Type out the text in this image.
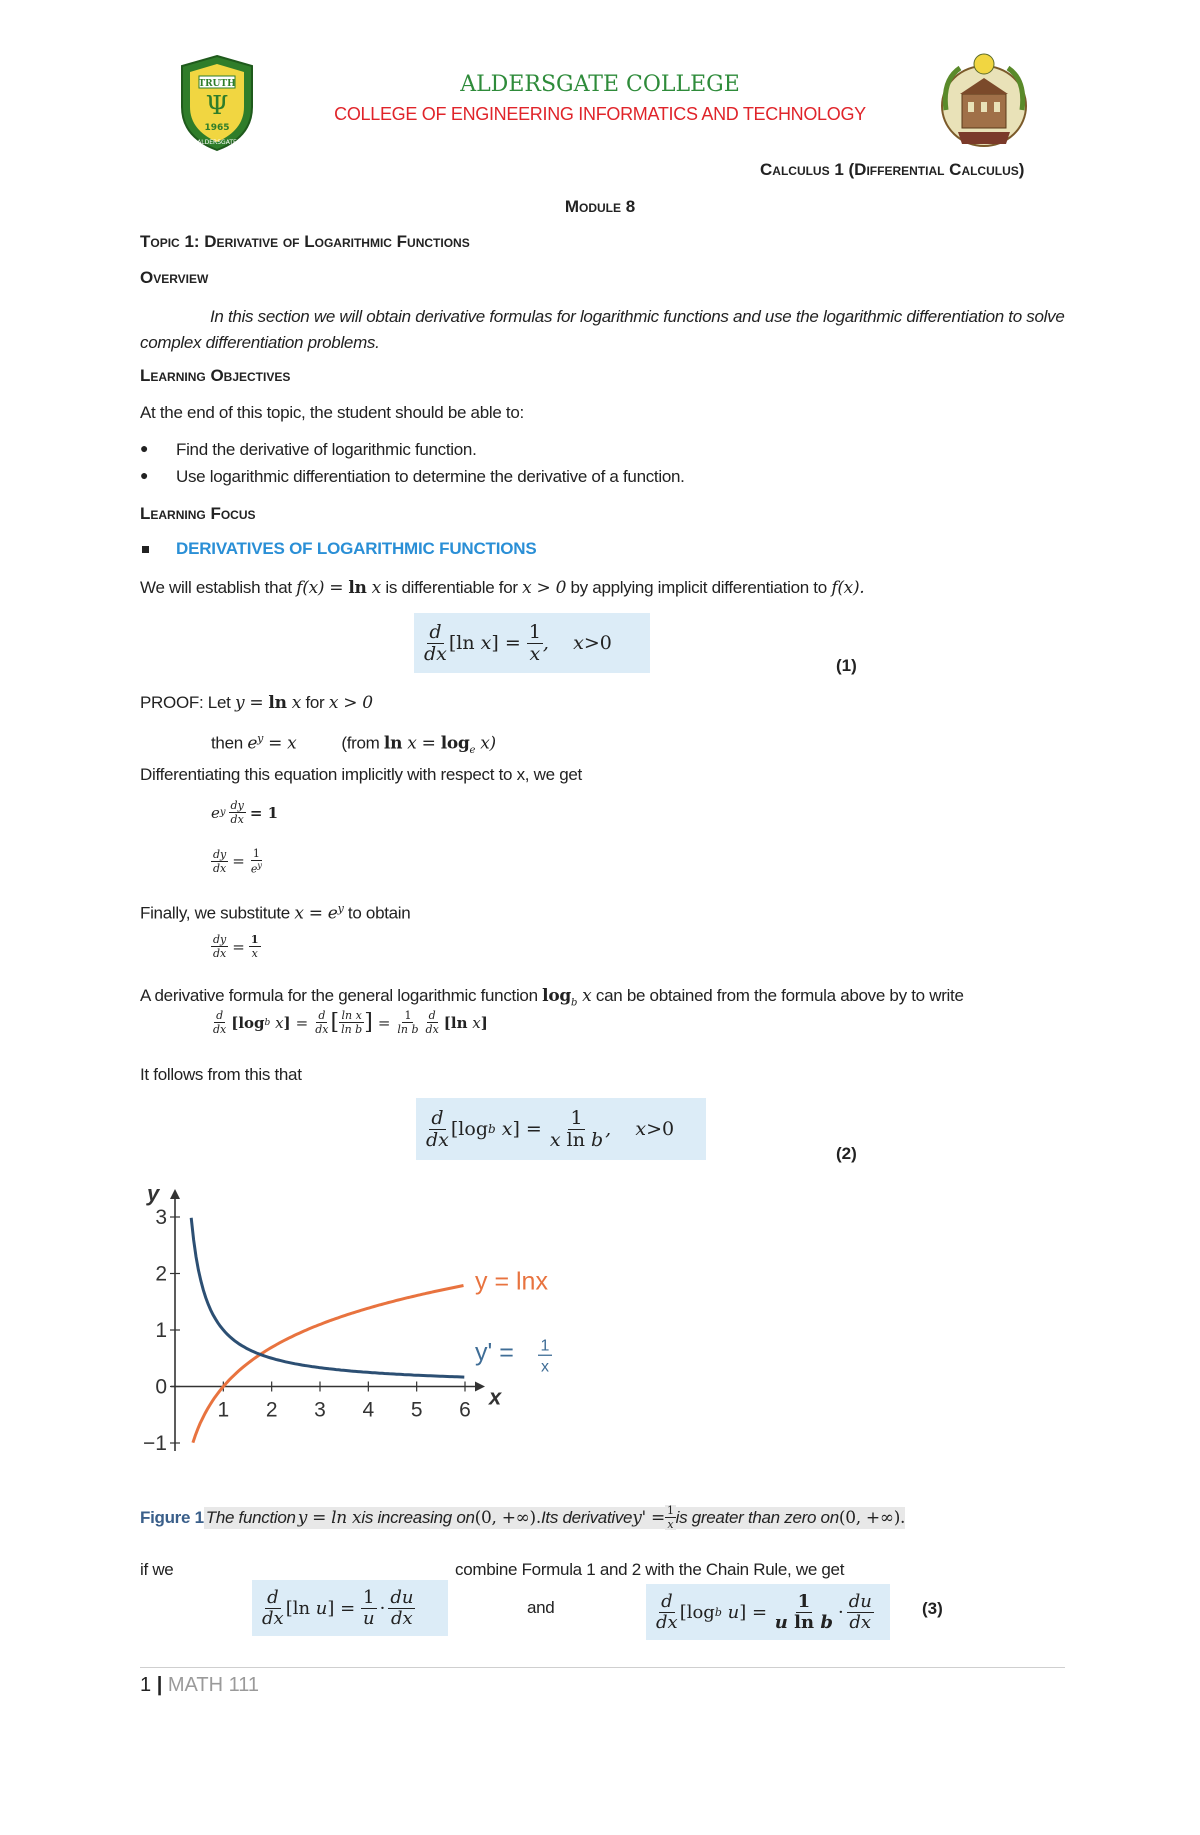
TRUTH
Ψ
1965
ALDERSGATE
ALDERSGATE COLLEGE
COLLEGE OF ENGINEERING INFORMATICS AND TECHNOLOGY
Calculus 1 (Differential Calculus)
Module 8
Topic 1: Derivative of Logarithmic Functions
Overview
In this section we will obtain derivative formulas for logarithmic functions and use the logarithmic differentiation to solve complex differentiation problems.
Learning Objectives
At the end of this topic, the student should be able to:
● Find the derivative of logarithmic function.
● Use logarithmic differentiation to determine the derivative of a function.
Learning Focus
DERIVATIVES OF LOGARITHMIC FUNCTIONS
We will establish that f(x) = ln x is differentiable for x > 0 by applying implicit differentiation to f(x).
$\frac{d}{dx} [\ln$ x ]
=
$\frac{1}{x}$ ,    x > 0
(1)
PROOF: Let y = ln x for x > 0
then $e^y = x$	(from $\ln x = \log_e x$)
Differentiating this equation implicitly with respect to x, we get
e y $\frac{dy}{dx} = 1$
$\frac{dy}{dx} = \frac{1}{e^y}$
Finally, we substitute $x = e^y$ to obtain
$\frac{dy}{dx} = \frac{1}{x}$
A derivative formula for the general logarithmic function $\log_b x$ can be obtained from the formula above by to write
$\frac{d}{dx} [\log$ b x ] = $\frac{d}{dx}$ [ $\frac{\text{ln x}}{\text{ln b}}$ ] = $\frac{1}{\text{ln b}} \frac{d}{dx} [\ln$ x ]
It follows from this that
$\frac{d}{dx} [\log$ b x ]
=
$\frac{1}{\text{x ln b}}$ ,    x > 0
(2)
1 2 3 4 5 6
3
2
1
0
−1
x
y
y = lnx
y' = 1
x
Figure 1 The function y = ln x is increasing on (0, +∞). Its derivative $y' = \frac{1}{x}$ is greater than zero on (0, +∞).
if we	combine Formula 1 and 2 with the Chain Rule, we get
$\frac{d}{dx} [\ln$ u ]
=
$\frac{1}{u} \cdot \frac{du}{dx}$	and	$\frac{d}{dx} [\log$ b u ]
=
$\frac{1}{\text{u ln b}} \cdot \frac{du}{dx}$	(3)
1 | MATH 111
